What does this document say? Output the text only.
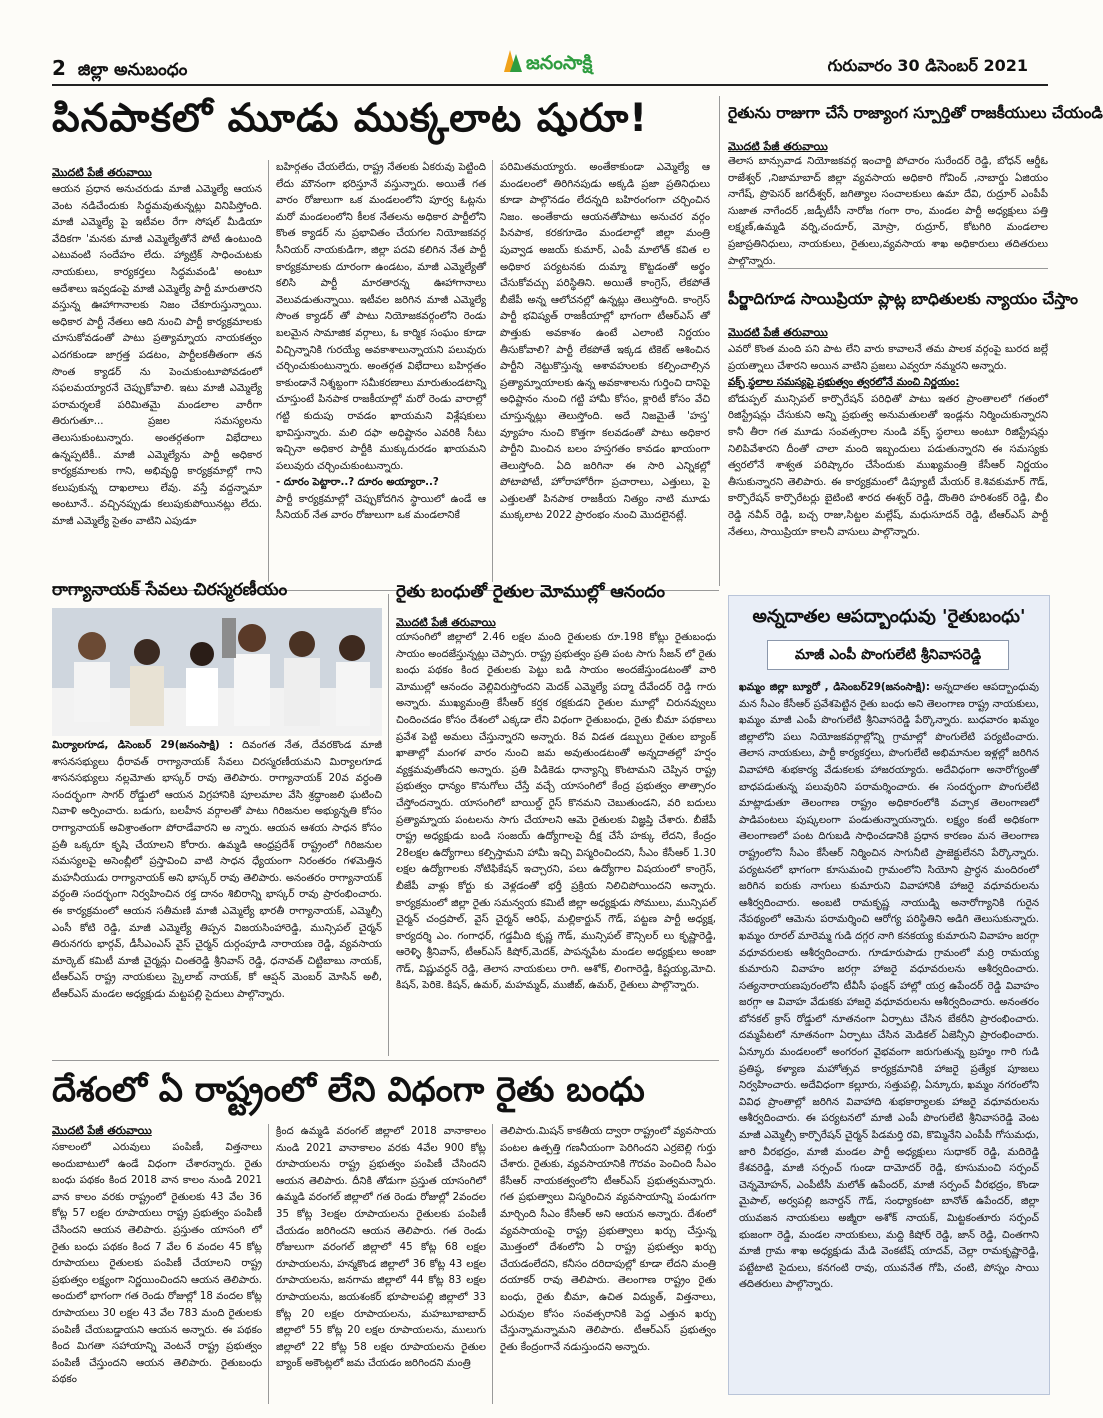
2 జిల్లా అనుబంధం	జనంసాక్షి	గురువారం 30 డిసెంబర్ 2021
పినపాకలో మూడు ముక్కలాట షురూ!
మొదటి పేజీ తరువాయి

ఆయన ప్రధాన అనుచరుడు మాజీ ఎమ్మెల్యే ఆయన వెంట నడిచేందుకు సిద్ధమవుతున్నట్లు వినిపిస్తోంది. మాజీ ఎమ్మెల్యే పై ఇటీవల రేగా సోషల్ మీడియా వేదికగా 'మనకు మాజీ ఎమ్మెల్యేతోనే పోటీ ఉంటుంది ఎటువంటి సందేహం లేదు. హ్యాట్రిక్ సాధించుటకు నాయకులు, కార్యకర్తలు సిద్ధమవండి' అంటూ ఆదేశాలు ఇవ్వడంపై మాజీ ఎమ్మెల్యే పార్టీ మారుతారని వస్తున్న ఊహాగానాలకు నిజం చేకూరుస్తున్నాయి. అధికార పార్టీ నేతలు ఆది నుంచి పార్టీ కార్యక్రమాలకు చూసుకోవడంతో పాటు ప్రత్యామ్నాయ నాయకత్వం ఎదగకుండా జాగ్రత్త పడటం, పార్టీలకతీతంగా తన సొంత క్యాడర్ ను పెంచుకుంటూపోవడంలో సఫలమయ్యారనే చెప్పుకోవాలి. ఇటు మాజీ ఎమ్మెల్యే పరామర్శలకే పరిమితమై మండలాల వారీగా తిరుగుతూ... ప్రజల సమస్యలను తెలుసుకుంటున్నారు. అంతర్గతంగా విభేదాలు ఉన్నప్పటికీ.. మాజీ ఎమ్మెల్యేను పార్టీ అధికార కార్యక్రమాలకు గాని, అభివృద్ధి కార్యక్రమాల్లో గాని కలుపుకున్న దాఖలాలు లేవు. వస్తే వద్దన్నామా అంటూనే.. వచ్చినప్పుడు కలుపుకుపోయినట్లు లేదు. మాజీ ఎమ్మెల్యే సైతం వాటిని ఎపుడూ

బహిర్గతం చేయలేదు, రాష్ట్ర నేతలకు ఏకరువు పెట్టింది లేదు మౌనంగా భరిస్తూనే వస్తున్నారు. అయితే గత వారం రోజులుగా ఒక మండలంలోని పూర్వ ఓట్లను మరో మండలంలోని కీలక నేతలను అధికార పార్టీలోని కొంత క్యాడర్ ను ప్రభావితం చేయగల నియోజకవర్గ సీనియర్ నాయకుడిగా, జిల్లా పదవి కలిగిన నేత పార్టీ కార్యక్రమాలకు దూరంగా ఉండటం, మాజీ ఎమ్మెల్యేతో కలిసి పార్టీ మారతారన్న ఊహాగానాలు వెలువడుతున్నాయి. ఇటీవల జరిగిన మాజీ ఎమ్మెల్యే సొంత క్యాడర్ తో పాటు నియోజకవర్గంలోని రెండు బలమైన సామాజిక వర్గాలు, ఓ కార్మిక సంఘం కూడా విచ్చిన్నానికి గురయ్యే అవకాశాలున్నాయని పలువురు చర్చించుకుంటున్నారు. అంతర్గత విభేదాలు బహిర్గతం కాకుండానే నిశ్శబ్దంగా సమీకరణాలు మారుతుండటాన్ని చూస్తుంటే పినపాక రాజకీయాల్లో మరో రెండు వారాల్లో గట్టి కుదుపు రావడం ఖాయమని విశ్లేషకులు భావిస్తున్నారు. మలి దఫా అధిష్టానం ఎవరికి సీటు ఇచ్చినా అధికార పార్టీకి ముక్కుదురడం ఖాయమని పలువురు చర్చించుకుంటున్నారు.

- దూరం పెట్టారా..? దూరం అయ్యారా..?

పార్టీ కార్యక్రమాల్లో చెప్పుకోదగిన స్థాయిలో ఉండే ఆ సీనియర్ నేత వారం రోజులుగా ఒక మండలానికే

పరిమితమయ్యారు. అంతేకాకుండా ఎమ్మెల్యే ఆ మండలంలో తిరిగినపుడు అక్కడి ప్రజా ప్రతినిధులు కూడా పాల్గొనడం లేదన్నది బహిరంగంగా చర్చించిన నిజం. అంతేకాదు ఆయనతోపాటు అనుచర వర్గం పినపాక, కరకగూడెం మండలాల్లో జిల్లా మంత్రి పువ్వాడ అజయ్ కుమార్, ఎంపీ మాలోత్ కవిత ల అధికార పర్యటనకు దుమ్మా కొట్టడంతో అర్థం చేసుకోవచ్చు పరిస్థితిని. అయితే కాంగ్రెస్, లేకపోతే బీజేపీ అన్న ఆలోచనల్లో ఉన్నట్లు తెలుస్తోంది. కాంగ్రెస్ పార్టీ భవిష్యత్ రాజకీయాల్లో భాగంగా టీఆర్ఎస్ తో పొత్తుకు అవకాశం ఉంటే ఎలాంటి నిర్ణయం తీసుకోవాలి? పార్టీ లేకపోతే ఇక్కడ టికెట్ ఆశించిన పార్టీని నెట్టుకొస్తున్న ఆశావహులకు కల్పించాల్సిన ప్రత్యామ్నాయాలకు ఉన్న అవకాశాలను గుర్తించి దానిపై అధిష్టానం నుంచి గట్టి హామీ కోసం, క్లారిటీ కోసం వేచి చూస్తున్నట్లు తెలుస్తోంది. అదే నిజమైతే 'హస్త' వ్యూహం నుంచి కొత్తగా కలవడంతో పాటు అధికార పార్టీని మించిన బలం హస్తగతం కావడం ఖాయంగా తెలుస్తోంది. ఏది జరిగినా ఈ సారి ఎన్నికల్లో పోటాపోటీ, హోరాహోరీగా ప్రచారాలు, ఎత్తులు, పై ఎత్తులతో పినపాక రాజకీయ నిత్యం నాటి మూడు ముక్కలాట 2022 ప్రారంభం నుంచి మొదలైనట్లే.

రైతును రాజుగా చేసే రాజ్యాంగ స్పూర్తితో రాజకీయులు చేయండి
మొదటి పేజీ తరువాయి
తెలాస బాన్సువాడ నియోజకవర్గ ఇంచార్జి పోచారం సురేందర్ రెడ్డి, బోధన్ ఆర్డీఓ రాజేశ్వర్ ,నిజామాబాద్ జిల్లా వ్యవసాయ అధికారి గోవింద్ ,నాబార్డు ఏజియం నాగేష్, ప్రొపెసర్ జగదీశ్వర్, జగిత్యాల సంచాలకులు ఉమా దేవి, రుద్రూర్ ఎంపీపీ సుజాత నాగేందర్ ,జడ్పీటీసీ నారోజ గంగా రాం, మండల పార్టీ అధ్యక్షులు పత్తి లక్ష్మణ్,ఉమ్మడి వర్ని,చందూర్, మోస్రా, రుద్రూర్, కోటగిరి మండలాల ప్రజాప్రతినిధులు, నాయకులు, రైతులు,వ్యవసాయ శాఖ అధికారులు తదితరులు పాల్గొన్నారు.
పీర్జాదిగూడ సాయిప్రియా ప్లాట్ల బాధితులకు న్యాయం చేస్తాం
మొదటి పేజీ తరువాయి
ఎవరో కొంత మంది పని పాట లేని వారు కావాలనే తమ పాలక వర్గంపై బురద జల్లే ప్రయత్నాలు చేశారని అయిన వాటిని ప్రజలు ఎవ్వరూ నమ్మరని అన్నారు.
వక్ఫ్ స్థలాల సమస్యపై ప్రభుత్వం త్వరలోనే మంచి నిర్ణయం:
బోడుప్పల్ మున్సిపల్ కార్పొరేషన్ పరిధితో పాటు ఇతర ప్రాంతాలలో గతంలో రిజిస్ట్రేషన్లు చేసుకుని అన్ని ప్రభుత్వ అనుమతులతో ఇండ్లను నిర్మించుకున్నారని కానీ తీరా గత మూడు సంవత్సరాల నుండి వక్ఫ్ స్థలాలు అంటూ రిజిస్ట్రేషన్లు నిలిపివేశారని దీంతో చాలా మంది ఇబ్బందులు పడుతున్నారని ఈ సమస్యకు త్వరలోనే శాశ్వత పరిష్కారం చేసేందుకు ముఖ్యమంత్రి కేసీఆర్ నిర్ణయం తీసుకున్నారని తెలిపారు. ఈ కార్యక్రమంలో డిప్యూటీ మేయర్ కె.శివకుమార్ గౌడ్, కార్పొరేషన్ కార్పొరేటర్లు బైటింటి శారద ఈశ్వర్ రెడ్డి, దొంతిరి హరిశంకర్ రెడ్డి, బీం రెడ్డి నవీన్ రెడ్డి, బచ్చ రాజు,సిట్టల మల్లేష్, మధుసూదన్ రెడ్డి, టీఆర్ఎస్ పార్టీ నేతలు, సాయిప్రియా కాలనీ వాసులు పాల్గొన్నారు.
రాగ్యానాయక్ సేవలు చిరస్మరణీయం
మిర్యాలగూడ, డిసెంబర్ 29(జనంసాక్షి) : దివంగత నేత, దేవరకొండ మాజీ శాసనసభ్యులు ధీరావత్ రాగ్యానాయక్ సేవలు చిరస్మరణీయమని మిర్యాలగూడ శాసనసభ్యులు నల్లమోతు భాస్కర్ రావు తెలిపారు. రాగ్యానాయక్ 20వ వర్ధంతి సందర్భంగా సాగర్ రోడ్డులో ఆయన విగ్రహానికి పూలమాల వేసి శ్రద్ధాంజలి ఘటించి నివాళి అర్పించారు. బడుగు, బలహీన వర్గాలతో పాటు గిరిజనుల అభ్యున్నతి కోసం రాగ్యానాయక్ అవిశ్రాంతంగా పోరాడేవారని అ న్నారు. ఆయన ఆశయ సాధన కోసం ప్రతీ ఒక్కరూ కృషి చేయాలని కోరారు. ఉమ్మడి ఆంధ్రప్రదేశ్ రాష్ట్రంలో గిరిజనుల సమస్యలపై అసెంబ్లీలో ప్రస్తావించి వాటి సాధన ధ్యేయంగా నిరంతరం గళమెత్తిన మహనీయుడు రాగ్యానాయక్ అని భాస్కర్ రావు తెలిపారు. అనంతరం రాగ్యానాయక్ వర్ధంతి సందర్భంగా నిర్వహించిన రక్త దానం శిబిరాన్ని భాస్కర్ రావు ప్రారంభించారు. ఈ కార్యక్రమంలో ఆయన సతీమణి మాజీ ఎమ్మెల్యే భారతీ రాగ్యానాయక్, ఎమ్మెల్సీ ఎంసీ కోటి రెడ్డి, మాజీ ఎమ్మెల్యే తిప్పన విజయసింహారెడ్డి, మున్సిపల్ చైర్మన్ తిరునగరు భార్గవ్, డీసీఎంఎస్ వైస్ చైర్మన్ దుర్గంపూడి నారాయణ రెడ్డి, వ్యవసాయ మార్కెట్ కమిటీ మాజీ చైర్మన్లు చింతరెడ్డి శ్రీనివాస్ రెడ్డి, ధనావత్ చిట్టిబాబు నాయక్, టీఆర్ఎస్ రాష్ట్ర నాయకులు స్కైలాబ్ నాయక్, కో ఆప్షన్ మెంబర్ మోసిన్ అలీ, టీఆర్ఎస్ మండల అధ్యక్షుడు మట్టపల్లి సైదులు పాల్గొన్నారు.
రైతు బంధుతో రైతుల మోముల్లో ఆనందం
మొదటి పేజీ తరువాయి
యాసంగిలో జిల్లాలో 2.46 లక్షల మంది రైతులకు రూ.198 కోట్లు రైతుబంధు సాయం అందజేస్తున్నట్లు చెప్పారు. రాష్ట్ర ప్రభుత్వం ప్రతి పంట సాగు సీజన్ లో రైతు బంధు పథకం కింద రైతులకు పెట్టు బడి సాయం అందజేస్తుండటంతో వారి మోముల్లో ఆనందం వెల్లివిరుస్తోందని మెదక్ ఎమ్మెల్యే పద్మా దేవేందర్ రెడ్డి గారు అన్నారు. ముఖ్యమంత్రి కేసీఆర్ కర్షక రక్షకుడని రైతుల మూల్లో చిరునవ్వులు చిందించడం కోసం దేశంలో ఎక్కడా లేని విధంగా రైతుబంధు, రైతు బీమా పథకాలు ప్రవేశ పెట్టి అమలు చేస్తున్నారని అన్నారు. 8వ విడత డబ్బులు రైతుల బ్యాంక్ ఖాతాల్లో మంగళ వారం నుంచి జమ అవుతుండటంతో అన్నదాతల్లో హర్షం వ్యక్తమవుతోందని అన్నారు. ప్రతి పిడికెడు ధాన్యాన్ని కొంటామని చెప్పిన రాష్ట్ర ప్రభుత్వం ధాన్యం కొనుగోలు చేస్తే వచ్చే యాసంగిలో కేంద్ర ప్రభుత్వం తాత్సారం చేస్తోందన్నారు. యాసంగిలో బాయిల్డ్ రైస్ కొనమని చెబుతుండని, వరి బదులు ప్రత్యామ్నాయ పంటలను సాగు చేయాలని ఆమె రైతులకు విజ్ఞప్తి చేశారు. బీజేపీ రాష్ట్ర అధ్యక్షుడు బండి సంజయ్ ఉద్యోగాలపై దీక్ష చేసే హక్కు లేదని, కేంద్రం 28లక్షల ఉద్యోగాలు కల్పిస్తామని హామీ ఇచ్చి విస్మరించిందని, సీఎం కేసీఆర్ 1.30 లక్షల ఉద్యోగాలకు నోటిఫికేషన్ ఇచ్చారని, పలు ఉద్యోగాల విషయంలో కాంగ్రెస్, బీజేపీ వాళ్లు కోర్టు కు వెళ్లడంతో భర్తీ ప్రక్రియ నిలిచిపోయిందని అన్నారు. కార్యక్రమంలో జిల్లా రైతు సమన్వయ కమిటీ జిల్లా అధ్యక్షుడు సోములు, మున్సిపల్ చైర్మన్ చంద్రపాల్, వైస్ చైర్మన్ ఆరిఫ్, మల్లికార్జున్ గౌడ్, పట్టణ పార్టీ అధ్యక్ష, కార్యదర్శి ఎం. గంగాధర్, గడ్డమీది కృష్ణ గౌడ్, మున్సిపల్ కౌన్సిలర్ లు కృష్ణారెడ్డి, ఆరెళ్ళి శ్రీనివాస్, టీఆర్ఎస్ కిషోర్,మెదక్, పాపన్నపేట మండల అధ్యక్షులు అంజా గౌడ్, విష్ణువర్ధన్ రెడ్డి, తెలాస నాయకులు రాగి. ఆశోక్, లింగారెడ్డి, కిష్టయ్య,మోచి. కిషన్, పెరికె. కిషన్, ఉమర్, మహమ్మద్, ముజీబ్, ఉమర్, రైతులు పాల్గొన్నారు.
దేశంలో ఏ రాష్ట్రంలో లేని విధంగా రైతు బంధు
మొదటి పేజీ తరువాయి

సకాలంలో ఎరువులు పంపిణీ, విత్తనాలు అందుబాటులో ఉండే విధంగా చేశారన్నారు. రైతు బంధు పథకం కింద 2018 వాన కాలం నుండి 2021 వాన కాలం వరకు రాష్ట్రంలో రైతులకు 43 వేల 36 కోట్ల 57 లక్షల రూపాయలు రాష్ట్ర ప్రభుత్వం పంపిణీ చేసిందని ఆయన తెలిపారు. ప్రస్తుతం యాసంగి లో రైతు బంధు పథకం కింద 7 వేల 6 వందల 45 కోట్ల రూపాయలు రైతులకు పంపిణీ చేయాలని రాష్ట్ర ప్రభుత్వం లక్ష్యంగా నిర్ణయించిందని ఆయన తెలిపారు. అందులో భాగంగా గత రెండు రోజుల్లో 18 వందల కోట్ల రూపాయలు 30 లక్షల 43 వేల 783 మంది రైతులకు పంపిణీ చేయబడ్డాయని ఆయన అన్నారు. ఈ పథకం కింద మిగతా సహాయాన్ని వెంటనే రాష్ట్ర ప్రభుత్వం పంపిణీ చేస్తుందని ఆయన తెలిపారు. రైతుబంధు పథకం

క్రింద ఉమ్మడి వరంగల్ జిల్లాలో 2018 వానాకాలం నుండి 2021 వానాకాలం వరకు 4వేల 900 కోట్ల రూపాయలను రాష్ట్ర ప్రభుత్వం పంపిణీ చేసిందని ఆయన తెలిపారు. దీనికి తోడుగా ప్రస్తుత యాసంగిలో ఉమ్మడి వరంగల్ జిల్లాలో గత రెండు రోజుల్లో 2వందల 35 కోట్ల 3లక్షల రూపాయలను రైతులకు పంపిణీ చేయడం జరిగిందని ఆయన తెలిపారు. గత రెండు రోజులుగా వరంగల్ జిల్లాలో 45 కోట్ల 68 లక్షల రూపాయలను, హన్మకొండ జిల్లాలో 36 కోట్ల 43 లక్షల రూపాయలను, జనగామ జిల్లాలో 44 కోట్ల 83 లక్షల రూపాయలను, జయశంకర్ భూపాలపల్లి జిల్లాలో 33 కోట్ల 20 లక్షల రూపాయలను, మహబూబాబాద్ జిల్లాలో 55 కోట్ల 20 లక్షల రూపాయలను, ములుగు జిల్లాలో 22 కోట్ల 58 లక్షల రూపాయలను రైతుల బ్యాంక్ అకౌంట్లలో జమ చేయడం జరిగిందని మంత్రి

తెలిపారు.మిషన్ కాకతీయ ద్వారా రాష్ట్రంలో వ్యవసాయ పంటల ఉత్పత్తి గణనీయంగా పెరిగిందని ఎర్రబెల్లి గుర్తు చేశారు. రైతుకు, వ్యవసాయానికి గౌరవం పెంచింది సీఎం కేసీఆర్ నాయకత్వంలోని టీఆర్ఎస్ ప్రభుత్వమన్నారు. గత ప్రభుత్వాలు విస్మరించిన వ్యవసాయాన్ని పండుగగా మార్చింది సీఎం కేసీఆర్ అని ఆయన అన్నారు. దేశంలో వ్యవసాయంపై రాష్ట్ర ప్రభుత్వాలు ఖర్చు చేస్తున్న మొత్తంలో దేశంలోని ఏ రాష్ట్ర ప్రభుత్వం ఖర్చు చేయడంలేదని, కనీసం దరిదాపుల్లో కూడా లేదని మంత్రి దయాకర్ రావు తెలిపారు. తెలంగాణ రాష్ట్రం రైతు బంధు, రైతు బీమా, ఉచిత విద్యుత్, విత్తనాలు, ఎరువుల కోసం సంవత్సరానికి పెద్ద ఎత్తున ఖర్చు చేస్తున్నామన్నామని తెలిపారు. టీఆర్ఎస్ ప్రభుత్వం రైతు కేంద్రంగానే నడుస్తుందని అన్నారు.

అన్నదాతల ఆపద్బాంధువు 'రైతుబంధు'
మాజీ ఎంపీ పొంగులేటి శ్రీనివాసరెడ్డి
ఖమ్మం జిల్లా బ్యూరో , డిసెంబర్29(జనంసాక్షి): అన్నదాతల ఆపద్బాంధువు మన సీఎం కేసీఆర్ ప్రవేశపెట్టిన రైతు బంధు అని తెలంగాణ రాష్ట్ర నాయకులు, ఖమ్మం మాజీ ఎంపీ పొంగులేటి శ్రీనివాసరెడ్డి పేర్కొన్నారు. బుధవారం ఖమ్మం జిల్లాలోని పలు నియోజకవర్గాల్లోన్ని గ్రామాల్లో పొంగులేటి పర్యటించారు. తెలాస నాయకులు, పార్టీ కార్యకర్తలు, పొంగులేటి అభిమానుల ఇళ్లల్లో జరిగిన వివాహాది శుభకార్య వేడుకలకు హాజరయ్యారు. అదేవిధంగా అనారోగ్యంతో బాధపడుతున్న పలువురిని పరామర్శించారు. ఈ సందర్భంగా పొంగులేటి మాట్లాడుతూ తెలంగాణ రాష్ట్రం అధికారంలోకి వచ్చాక తెలంగాణలో పాడిపంటలు పుష్కలంగా పండుతున్నాయన్నారు. లక్ష్యం కంటే అధికంగా తెలంగాణలో పంట దిగుబడి సాధించడానికి ప్రధాన కారణం మన తెలంగాణ రాష్ట్రంలోని సీఎం కేసీఆర్ నిర్మించిన సాగునీటి ప్రాజెక్టులేనని పేర్కొన్నారు. పర్యటనలో భాగంగా కూసుమంచి గ్రామంలోని సియోని ప్రార్ధన మందిరంలో జరిగిన ఐరుకు నాగులు కుమారుని వివాహానికి హాజరై వధూవరులను ఆశీర్వదించారు. అంబటి రామకృష్ణ నాయుడ్ని అనారోగ్యానికి గురైన నేపథ్యంలో ఆమెను పరామర్శించి ఆరోగ్య పరిస్థితిని అడిగి తెలుసుకున్నారు. ఖమ్మం రూరల్ మారెమ్మ గుడి దగ్గర నాగి కనకయ్య కుమారుని వివాహం జరగ్గా వధూవరులకు ఆశీర్వదించారు. గూడూరుపాడు గ్రామంలో మర్రి రామయ్య కుమారుని వివాహం జరగ్గా హాజరై వధూవరులను ఆశీర్వదించారు. సత్యనారాయణపురంలోని టీవీసీ ఫంక్షన్ హాల్లో యర్ర ఉపేందర్ రెడ్డి వివాహం జరగ్గా ఆ వివాహ వేడుకకు హాజరై వధూవరులను ఆశీర్వదించారు. అనంతరం బోనకల్ క్రాస్ రోడ్డులో నూతనంగా ఏర్పాటు చేసిన బేకరీని ప్రారంభించారు. దమ్మపేటలో నూతనంగా ఏర్పాటు చేసిన మెడికల్ ఏజెన్సీని ప్రారంభించారు. ఏన్కూరు మండలంలో అంగరంగ వైభవంగా జరుగుతున్న బ్రహ్మం గారి గుడి ప్రతిష్ఠ, కళ్యాణ మహోత్సవ కార్యక్రమానికి హాజరై ప్రత్యేక పూజలు నిర్వహించారు. అదేవిధంగా కల్లూరు, సత్తుపల్లి, ఏన్కూరు, ఖమ్మం నగరంలోని వివిధ ప్రాంతాల్లో జరిగిన వివాహాది శుభకార్యాలకు హాజరై వధూవరులను ఆశీర్వదించారు. ఈ పర్యటనలో మాజీ ఎంపీ పొంగులేటి శ్రీనివాసరెడ్డి వెంట మాజీ ఎమ్మెల్సీ కార్పొరేషన్ చైర్మన్ పిడమర్తి రవి, కొమ్మినేని ఎంపీపీ గోసుమధు, జారి వీరభద్రం, మాజీ మండల పార్టీ అధ్యక్షులు సుధాకర్ రెడ్డి, మదిరెడ్డి కేశవరెడ్డి, మాజీ సర్పంచ్ గుండా దామోదర్ రెడ్డి, కూసుమంచి సర్పంచ్ చెన్నమోహన్, ఎంపీటీసీ మలోత్ ఉపేందర్, మాజీ సర్పంచ్ వీరభద్రం, కొండా మైపాల్, అర్వపల్లి జనార్దన్ గౌడ్, సంధ్యాకంటా బానోత్ ఉపేందర్, జిల్లా యువజన నాయకులు అజ్మీరా అశోక్ నాయక్, మిట్టకంతూరు సర్పంచ్ భుజంగా రెడ్డి, మండల నాయకులు, మద్ది కిషోర్ రెడ్డి, జాన్ రెడ్డి, చింతగాని మాజీ గ్రామ శాఖ అధ్యక్షుడు మేడి వెంకటేష్ యాదవ్, చెల్లా రామకృష్ణారెడ్డి, పట్టేటాటి సైదులు, కనగంటి రావు, యువనేత గోపి, చంటి, పోస్నం సాయి తదితరులు పాల్గొన్నారు.
